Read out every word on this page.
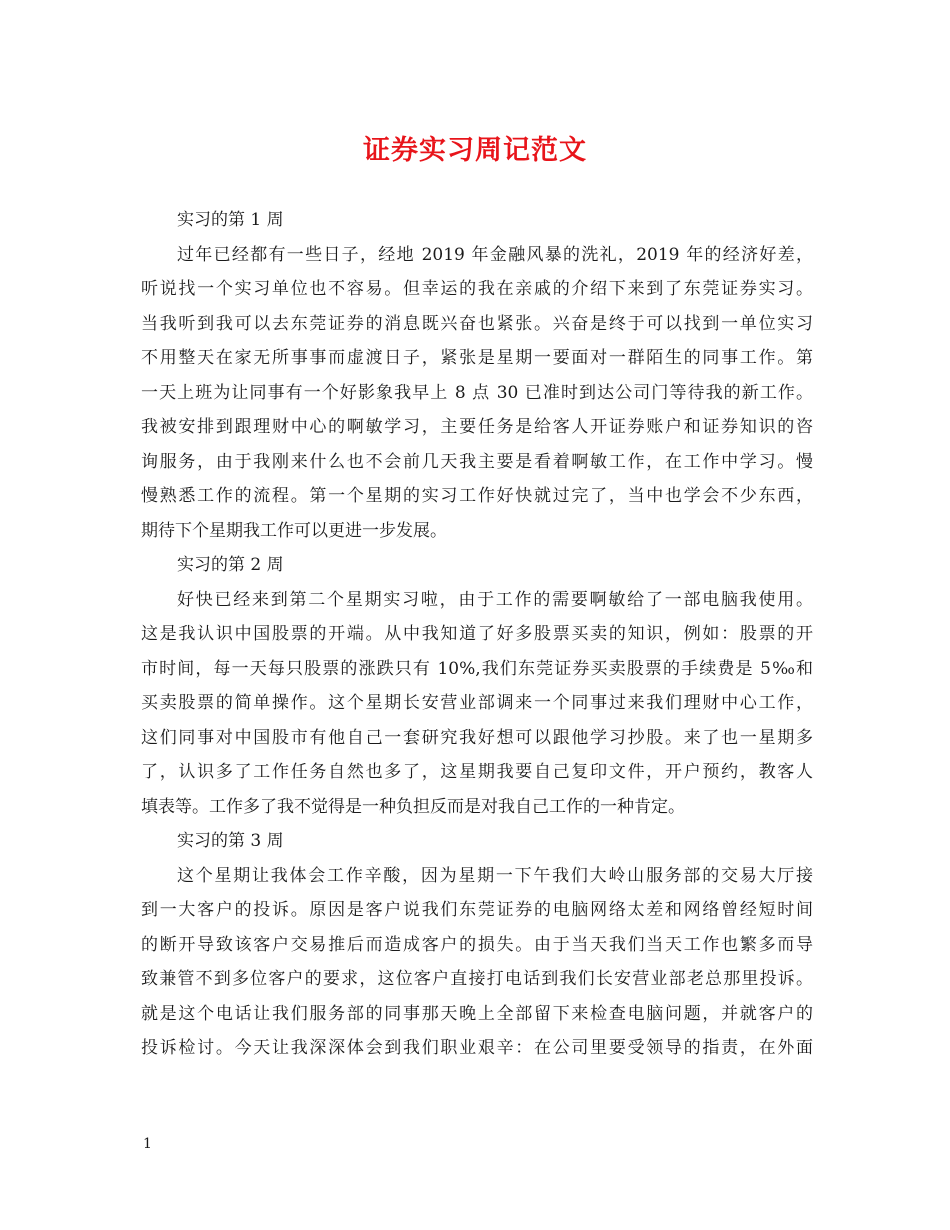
证券实习周记范文
实习的第 1 周
过年已经都有一些日子，经地 2019 年金融风暴的洗礼，2019 年的经济好差，
听说找一个实习单位也不容易。但幸运的我在亲戚的介绍下来到了东莞证券实习。
当我听到我可以去东莞证券的消息既兴奋也紧张。兴奋是终于可以找到一单位实习
不用整天在家无所事事而虚渡日子，紧张是星期一要面对一群陌生的同事工作。第
一天上班为让同事有一个好影象我早上 8 点 30 已准时到达公司门等待我的新工作。
我被安排到跟理财中心的啊敏学习，主要任务是给客人开证券账户和证券知识的咨
询服务，由于我刚来什么也不会前几天我主要是看着啊敏工作，在工作中学习。慢
慢熟悉工作的流程。第一个星期的实习工作好快就过完了，当中也学会不少东西，
期待下个星期我工作可以更进一步发展。
实习的第 2 周
好快已经来到第二个星期实习啦，由于工作的需要啊敏给了一部电脑我使用。
这是我认识中国股票的开端。从中我知道了好多股票买卖的知识，例如：股票的开
市时间，每一天每只股票的涨跌只有 10%,我们东莞证券买卖股票的手续费是 5‰和
买卖股票的简单操作。这个星期长安营业部调来一个同事过来我们理财中心工作，
这们同事对中国股市有他自己一套研究我好想可以跟他学习抄股。来了也一星期多
了，认识多了工作任务自然也多了，这星期我要自己复印文件，开户预约，教客人
填表等。工作多了我不觉得是一种负担反而是对我自己工作的一种肯定。
实习的第 3 周
这个星期让我体会工作辛酸，因为星期一下午我们大岭山服务部的交易大厅接
到一大客户的投诉。原因是客户说我们东莞证券的电脑网络太差和网络曾经短时间
的断开导致该客户交易推后而造成客户的损失。由于当天我们当天工作也繁多而导
致兼管不到多位客户的要求，这位客户直接打电话到我们长安营业部老总那里投诉。
就是这个电话让我们服务部的同事那天晚上全部留下来检查电脑问题，并就客户的
投诉检讨。今天让我深深体会到我们职业艰辛：在公司里要受领导的指责，在外面
1
